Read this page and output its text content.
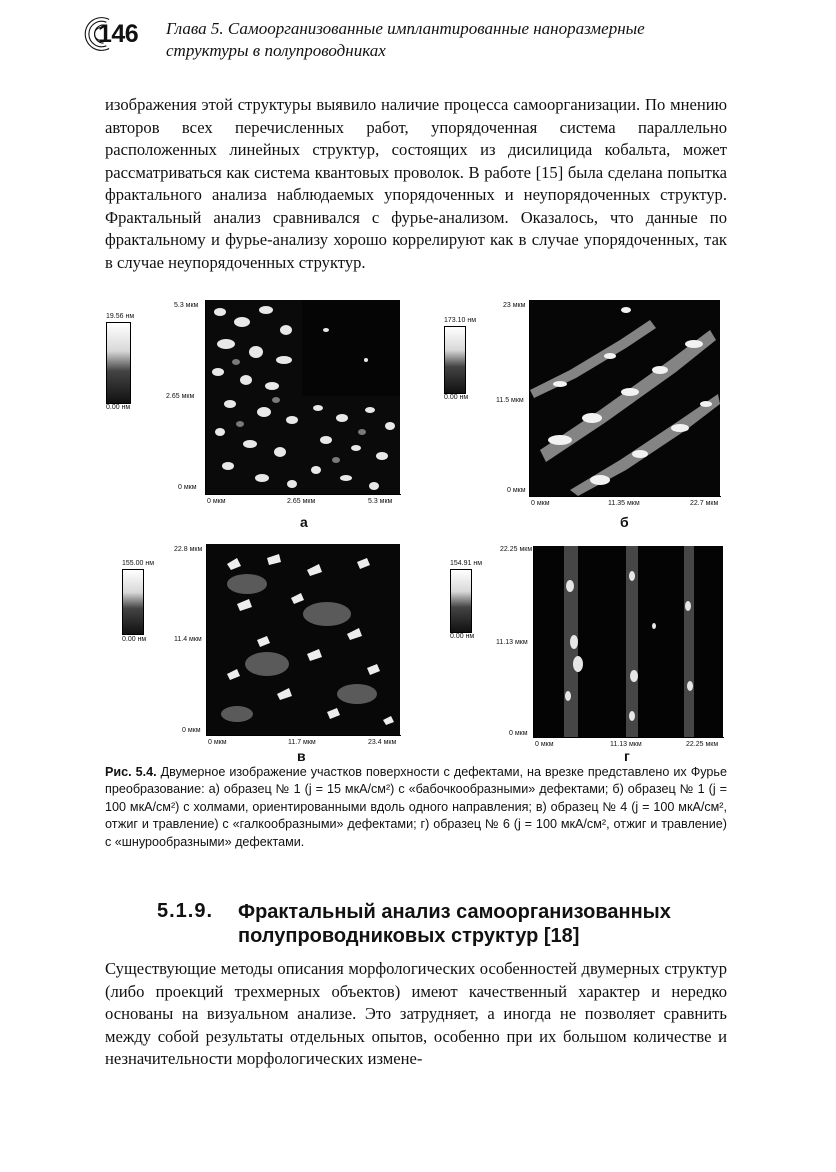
146 Глава 5. Самоорганизованные имплантированные наноразмерные
структуры в полупроводниках
изображения этой структуры выявило наличие процесса самоорганизации. По мнению авторов всех перечисленных работ, упорядоченная система параллельно расположенных линейных структур, состоящих из дисилицида кобальта, может рассматриваться как система квантовых проволок. В работе [15] была сделана попытка фрактального анализа наблюдаемых упорядоченных и неупорядоченных структур. Фрактальный анализ сравнивался с фурье-анализом. Оказалось, что данные по фрактальному и фурье-анализу хорошо коррелируют как в случае упорядоченных, так в случае неупорядоченных структур.
19.56 нм
0.00 нм
5.3 мкм
2.65 мкм
0 мкм
0 мкм	2.65 мкм	5.3 мкм
а
173.10 нм
0.00 нм
23 мкм
11.5 мкм
0 мкм
0 мкм	11.35 мкм	22.7 мкм
б
155.00 нм
0.00 нм
22.8 мкм
11.4 мкм
0 мкм
0 мкм	11.7 мкм	23.4 мкм
в
154.91 нм
0.00 нм
22.25 мкм
11.13 мкм
0 мкм
0 мкм	11.13 мкм	22.25 мкм
г
Рис. 5.4. Двумерное изображение участков поверхности с дефектами, на врезке представлено их Фурье преобразование: а) образец № 1 (j = 15 мкА/см²) с «бабочкообразными» дефектами; б) образец № 1 (j = 100 мкА/см²) с холмами, ориентированными вдоль одного направления; в) образец № 4 (j = 100 мкА/см², отжиг и травление) с «галкообразными» дефектами; г) образец № 6 (j = 100 мкА/см², отжиг и травление) с «шнурообразными» дефектами.
5.1.9. Фрактальный анализ самоорганизованных полупроводниковых структур [18]
Существующие методы описания морфологических особенностей двумерных структур (либо проекций трехмерных объектов) имеют качественный характер и нередко основаны на визуальном анализе. Это затрудняет, а иногда не позволяет сравнить между собой результаты отдельных опытов, особенно при их большом количестве и незначительности морфологических измене-
